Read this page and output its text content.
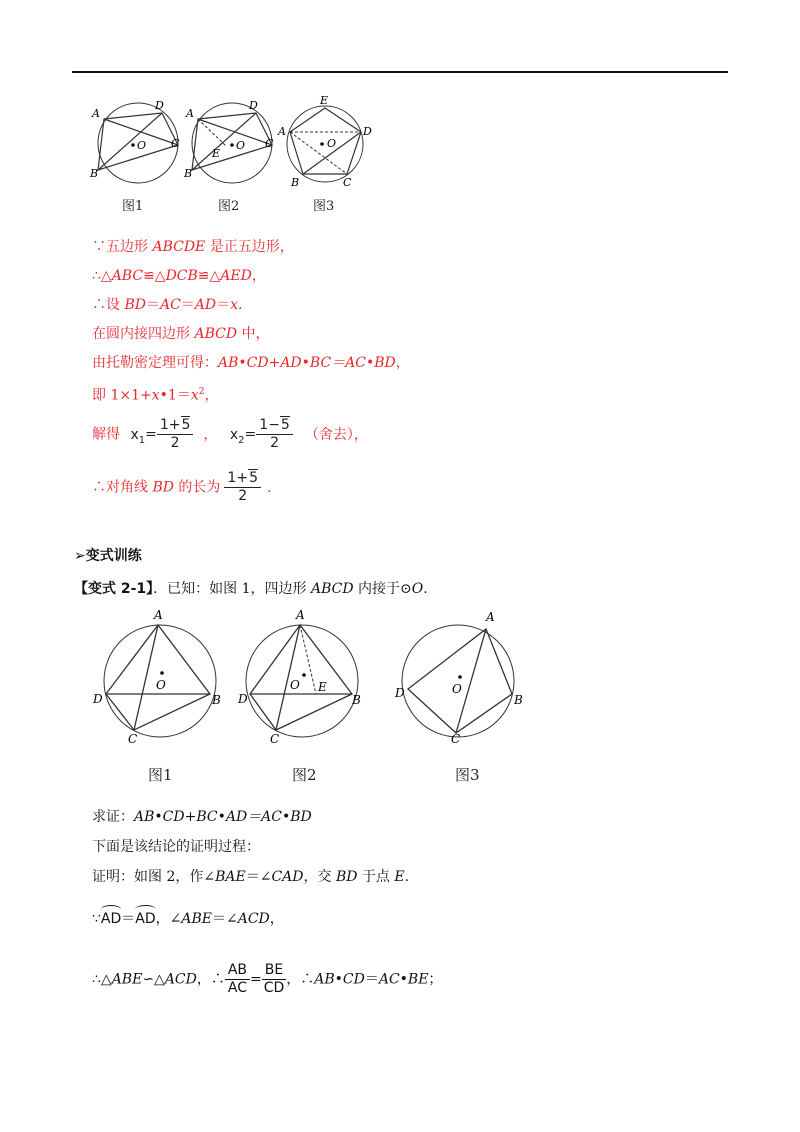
A
D
O C
B
图1
A
D
E
O C
B
图2
E
A	D
O
B	C
图3
∵五边形 ABCDE 是正五边形，
∴△ABC≌△DCB≌△AED，
∴设 BD＝AC＝AD＝x.
在圆内接四边形 ABCD 中，
由托勒密定理可得：AB•CD+AD•BC＝AC•BD，
即 $1\times 1+x•1=x^2$，
解得 $x_1= \frac{1+5}{2}$ ， $x_2= \frac{1-5}{2}$ （舍去），
∴对角线 BD 的长为 $\frac{1+5}{2}$ .
➢变式训练
【变式 2-1】．已知：如图 1，四边形 ABCD 内接于⊙O.
A
O
D	B
C
图1
A
O E
D	B
C
图2
A
O
D	B
C
图3
求证：AB•CD+BC•AD＝AC•BD
下面是该结论的证明过程：
证明：如图 2，作∠BAE＝∠CAD，交 BD 于点 E.
∵AD＝AD，∠ABE＝∠ACD，
∴△ABE∽△ACD，∴ $\frac{AB}{AC} = \frac{BE}{CD}$ ，∴AB•CD＝AC•BE；
